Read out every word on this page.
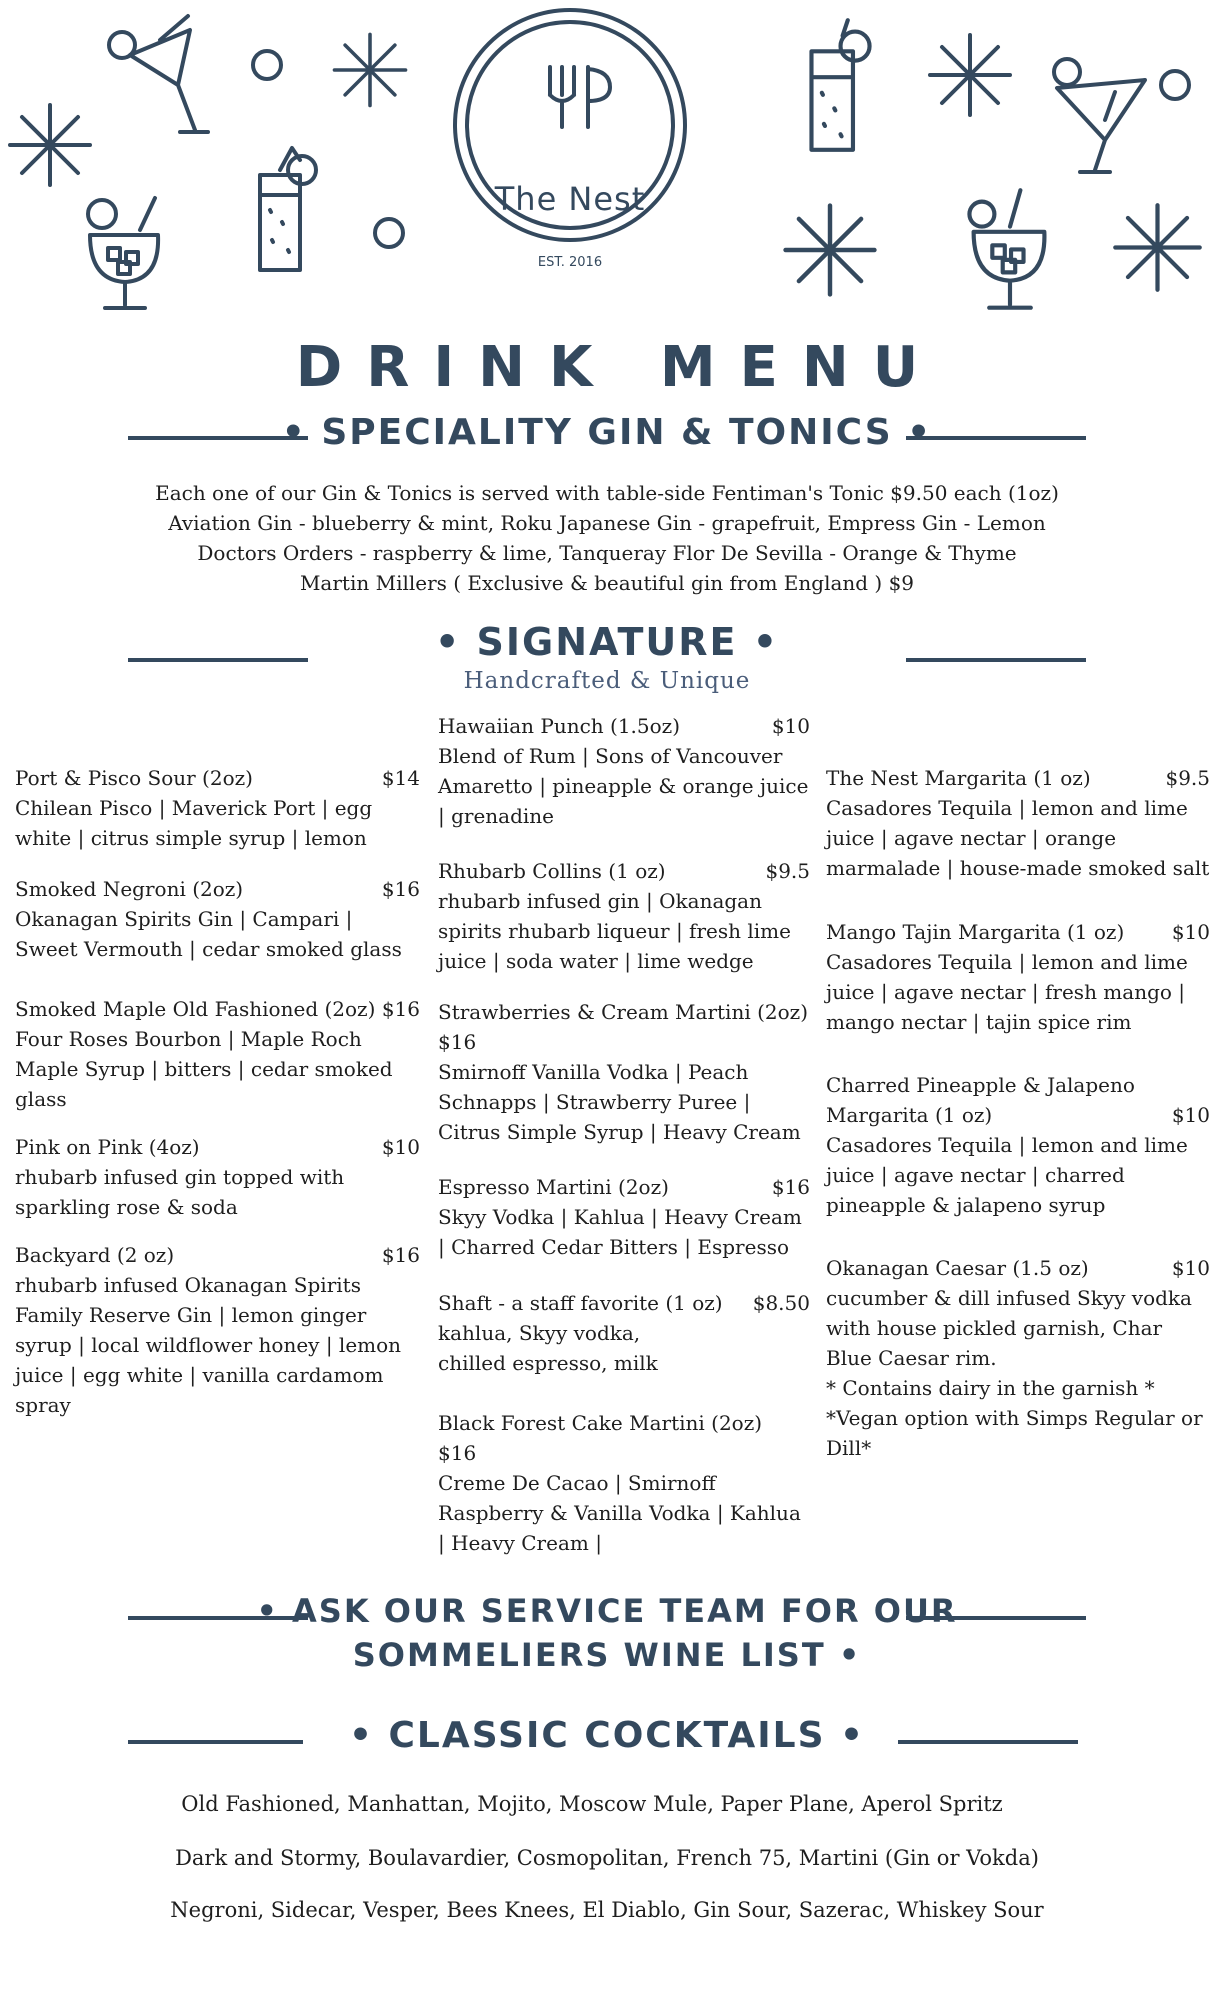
The Nest
EST. 2016
DRINK MENU
• SPECIALITY GIN & TONICS •
Each one of our Gin & Tonics is served with table-side Fentiman's Tonic $9.50 each (1oz)
Aviation Gin - blueberry & mint, Roku Japanese Gin - grapefruit, Empress Gin - Lemon
Doctors Orders - raspberry & lime, Tanqueray Flor De Sevilla - Orange & Thyme
Martin Millers ( Exclusive & beautiful gin from England ) $9
• SIGNATURE •
Handcrafted & Unique
Port & Pisco Sour (2oz)	$14
Chilean Pisco | Maverick Port | egg white | citrus simple syrup | lemon
Smoked Negroni (2oz)	$16
Okanagan Spirits Gin | Campari | Sweet Vermouth | cedar smoked glass
Smoked Maple Old Fashioned (2oz) $16
Four Roses Bourbon | Maple Roch Maple Syrup | bitters | cedar smoked glass
Pink on Pink (4oz)	$10
rhubarb infused gin topped with sparkling rose & soda
Backyard (2 oz)	$16
rhubarb infused Okanagan Spirits Family Reserve Gin | lemon ginger syrup | local wildflower honey | lemon juice | egg white | vanilla cardamom spray
Hawaiian Punch (1.5oz)	$10
Blend of Rum | Sons of Vancouver Amaretto | pineapple & orange juice | grenadine
Rhubarb Collins (1 oz)	$9.5
rhubarb infused gin | Okanagan spirits rhubarb liqueur | fresh lime juice | soda water | lime wedge
Strawberries & Cream Martini (2oz)
$16
Smirnoff Vanilla Vodka | Peach Schnapps | Strawberry Puree | Citrus Simple Syrup | Heavy Cream
Espresso Martini (2oz)	$16
Skyy Vodka | Kahlua | Heavy Cream | Charred Cedar Bitters | Espresso
Shaft - a staff favorite (1 oz) $8.50
kahlua, Skyy vodka, chilled espresso, milk
Black Forest Cake Martini (2oz)
$16
Creme De Cacao | Smirnoff Raspberry & Vanilla Vodka | Kahlua | Heavy Cream |
The Nest Margarita (1 oz)	$9.5
Casadores Tequila | lemon and lime juice | agave nectar | orange marmalade | house-made smoked salt
Mango Tajin Margarita (1 oz) $10
Casadores Tequila | lemon and lime juice | agave nectar | fresh mango | mango nectar | tajin spice rim
Charred Pineapple & Jalapeno Margarita (1 oz)	$10
Casadores Tequila | lemon and lime juice | agave nectar | charred pineapple & jalapeno syrup
Okanagan Caesar (1.5 oz)	$10
cucumber & dill infused Skyy vodka with house pickled garnish, Char Blue Caesar rim.
* Contains dairy in the garnish *
*Vegan option with Simps Regular or Dill*
• ASK OUR SERVICE TEAM FOR OUR
SOMMELIERS WINE LIST •
• CLASSIC COCKTAILS •
Old Fashioned, Manhattan, Mojito, Moscow Mule, Paper Plane, Aperol Spritz
Dark and Stormy, Boulavardier, Cosmopolitan, French 75, Martini (Gin or Vokda)
Negroni, Sidecar, Vesper, Bees Knees, El Diablo, Gin Sour, Sazerac, Whiskey Sour
